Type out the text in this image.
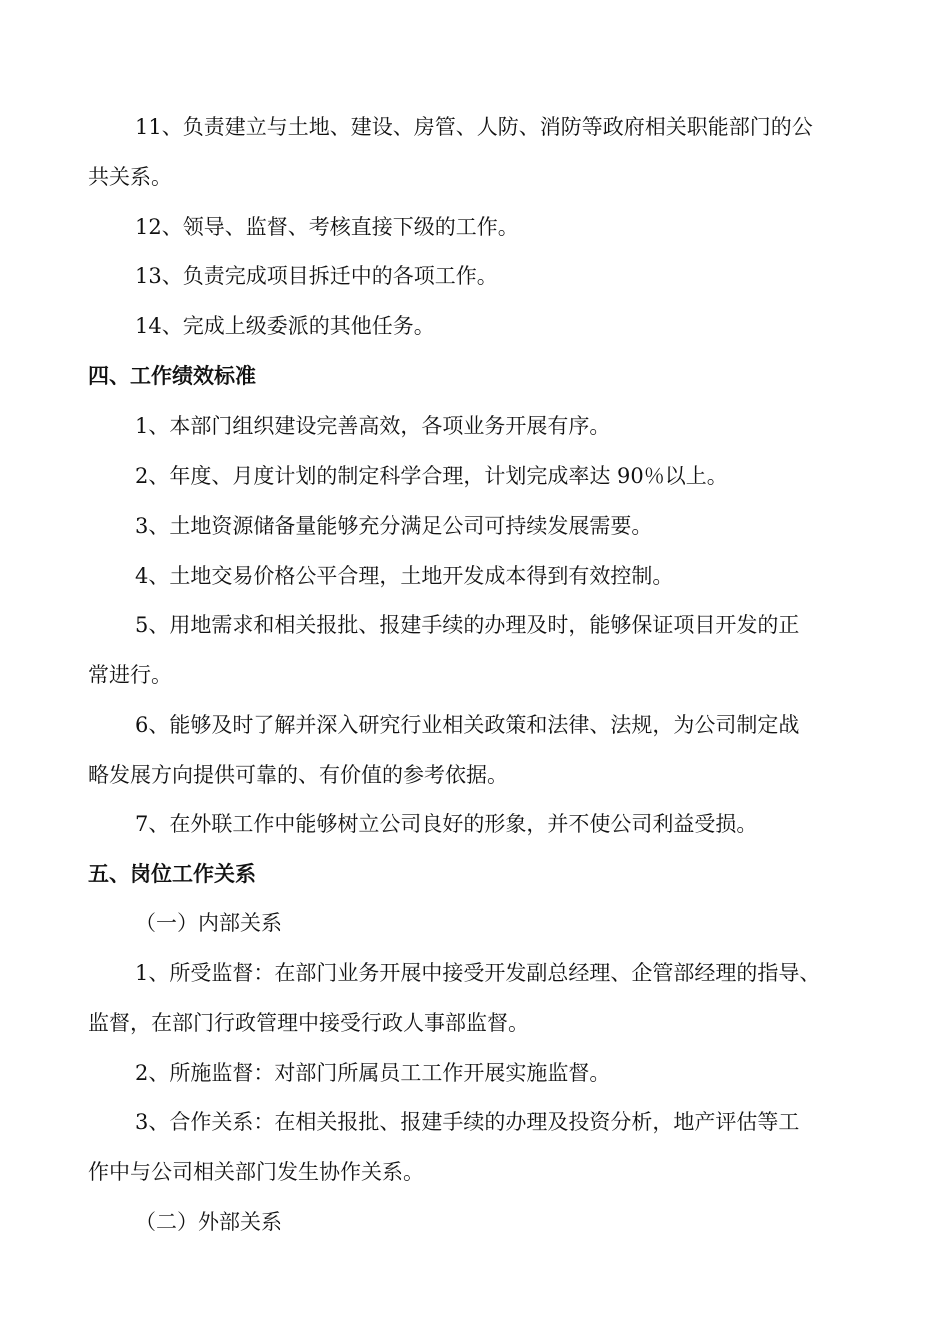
11、负责建立与土地、建设、房管、人防、消防等政府相关职能部门的公
共关系。
12、领导、监督、考核直接下级的工作。
13、负责完成项目拆迁中的各项工作。
14、完成上级委派的其他任务。
四、工作绩效标准
1、本部门组织建设完善高效，各项业务开展有序。
2、年度、月度计划的制定科学合理，计划完成率达 90％以上。
3、土地资源储备量能够充分满足公司可持续发展需要。
4、土地交易价格公平合理，土地开发成本得到有效控制。
5、用地需求和相关报批、报建手续的办理及时，能够保证项目开发的正
常进行。
6、能够及时了解并深入研究行业相关政策和法律、法规，为公司制定战
略发展方向提供可靠的、有价值的参考依据。
7、在外联工作中能够树立公司良好的形象，并不使公司利益受损。
五、岗位工作关系
（一）内部关系
1、所受监督：在部门业务开展中接受开发副总经理、企管部经理的指导、
监督，在部门行政管理中接受行政人事部监督。
2、所施监督：对部门所属员工工作开展实施监督。
3、合作关系：在相关报批、报建手续的办理及投资分析，地产评估等工
作中与公司相关部门发生协作关系。
（二）外部关系
